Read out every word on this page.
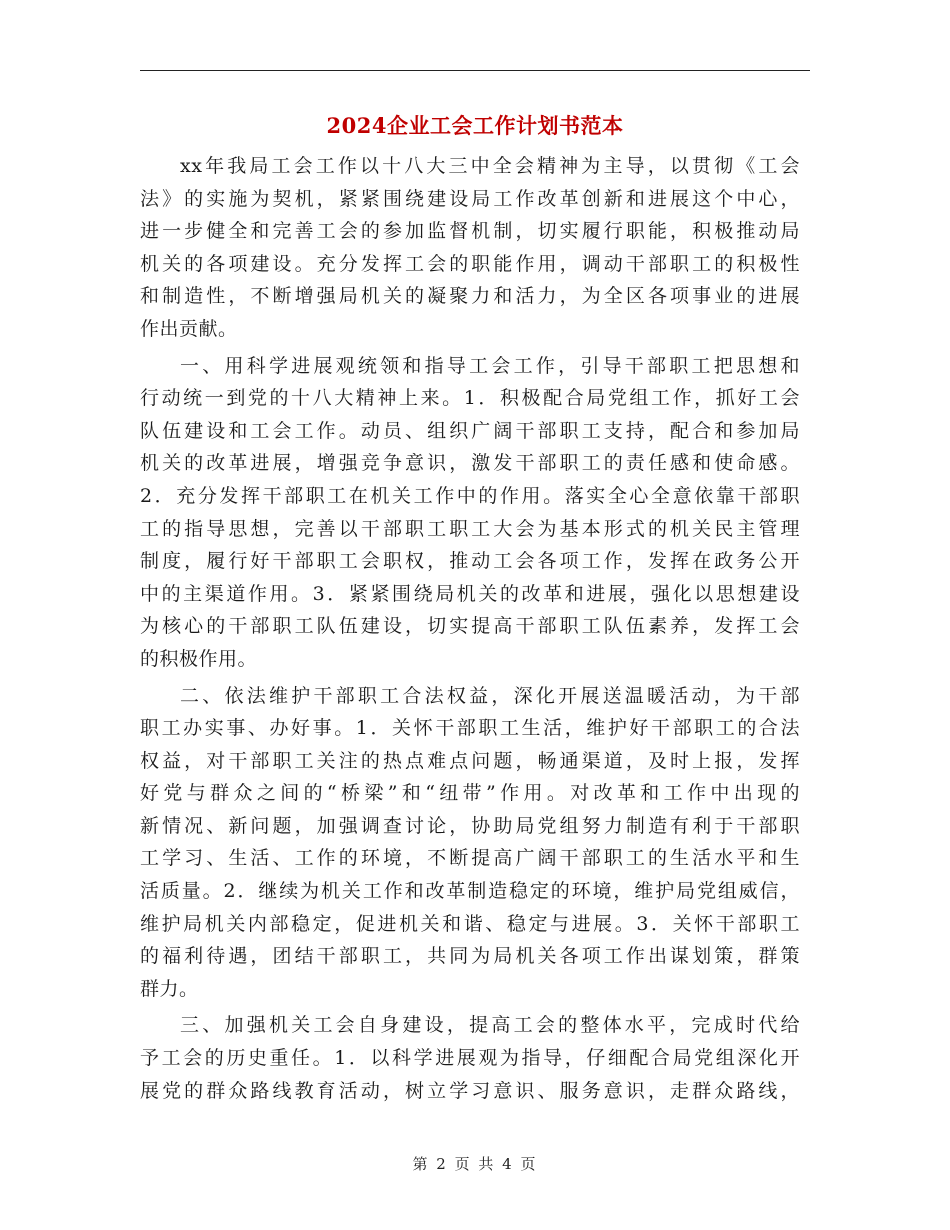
2024企业工会工作计划书范本

xx年我局工会工作以十八大三中全会精神为主导，以贯彻《工会
法》的实施为契机，紧紧围绕建设局工作改革创新和进展这个中心，
进一步健全和完善工会的参加监督机制，切实履行职能，积极推动局
机关的各项建设。充分发挥工会的职能作用，调动干部职工的积极性
和制造性，不断增强局机关的凝聚力和活力，为全区各项事业的进展
作出贡献。

一、用科学进展观统领和指导工会工作，引导干部职工把思想和
行动统一到党的十八大精神上来。1．积极配合局党组工作，抓好工会
队伍建设和工会工作。动员、组织广阔干部职工支持，配合和参加局
机关的改革进展，增强竞争意识，激发干部职工的责任感和使命感。
2．充分发挥干部职工在机关工作中的作用。落实全心全意依靠干部职
工的指导思想，完善以干部职工职工大会为基本形式的机关民主管理
制度，履行好干部职工会职权，推动工会各项工作，发挥在政务公开
中的主渠道作用。3．紧紧围绕局机关的改革和进展，强化以思想建设
为核心的干部职工队伍建设，切实提高干部职工队伍素养，发挥工会
的积极作用。

二、依法维护干部职工合法权益，深化开展送温暖活动，为干部
职工办实事、办好事。1．关怀干部职工生活，维护好干部职工的合法
权益，对干部职工关注的热点难点问题，畅通渠道，及时上报，发挥
好党与群众之间的“桥梁”和“纽带”作用。对改革和工作中出现的
新情况、新问题，加强调查讨论，协助局党组努力制造有利于干部职
工学习、生活、工作的环境，不断提高广阔干部职工的生活水平和生
活质量。2．继续为机关工作和改革制造稳定的环境，维护局党组威信，
维护局机关内部稳定，促进机关和谐、稳定与进展。3．关怀干部职工
的福利待遇，团结干部职工，共同为局机关各项工作出谋划策，群策
群力。

三、加强机关工会自身建设，提高工会的整体水平，完成时代给
予工会的历史重任。1．以科学进展观为指导，仔细配合局党组深化开
展党的群众路线教育活动，树立学习意识、服务意识，走群众路线，

第 2 页 共 4 页
